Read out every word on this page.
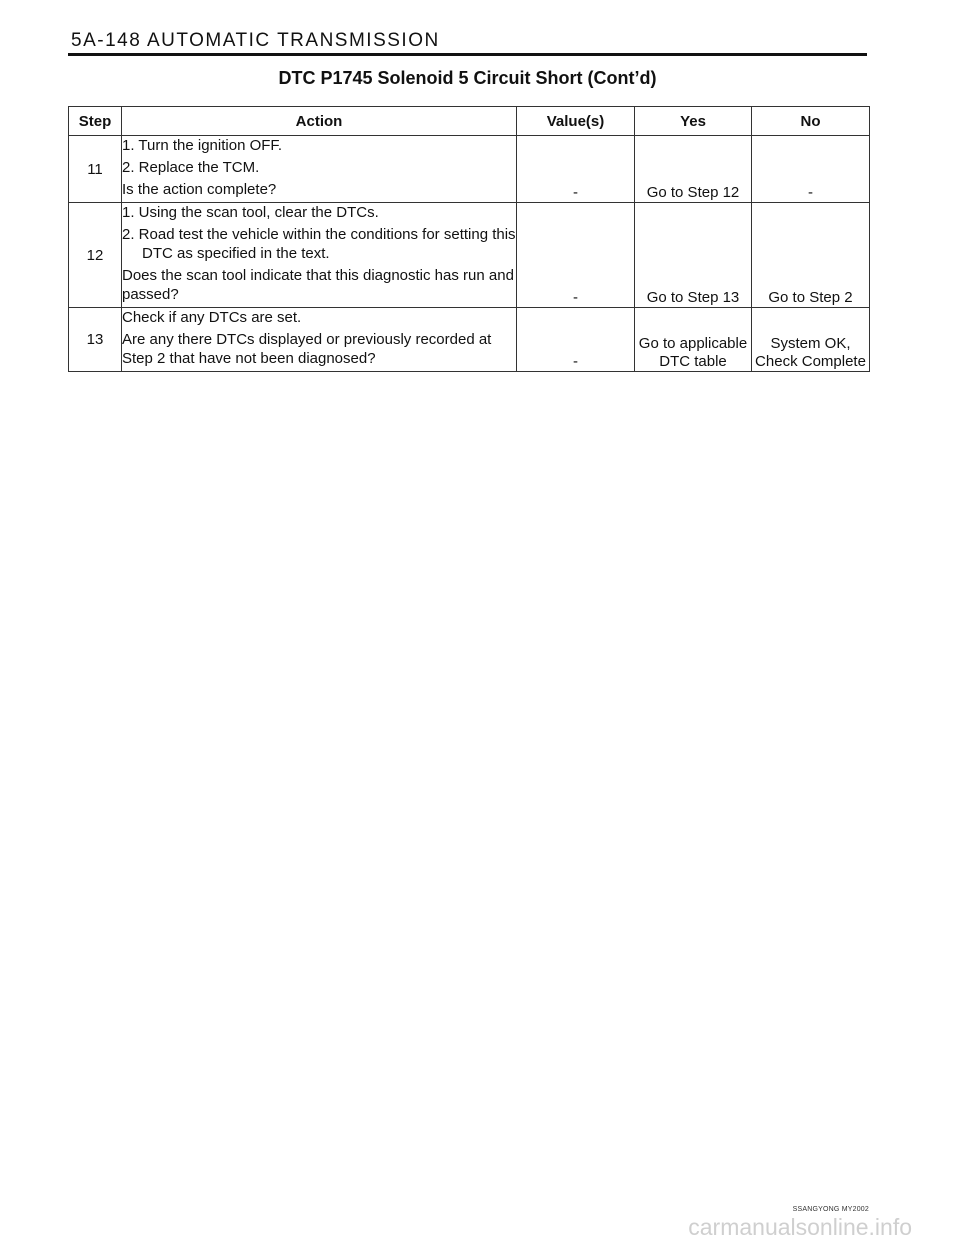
5A-148 AUTOMATIC TRANSMISSION
DTC P1745 Solenoid 5 Circuit Short (Cont’d)
Step	Action	Value(s)	Yes	No
11	1. Turn the ignition OFF.
2. Replace the TCM.
Is the action complete?	-	Go to Step 12	-
12	1. Using the scan tool, clear the DTCs.
2. Road test the vehicle within the conditions for setting this DTC as specified in the text.
Does the scan tool indicate that this diagnostic has run and passed?	-	Go to Step 13	Go to Step 2
13	Check if any DTCs are set.
Are any there DTCs displayed or previously recorded at Step 2 that have not been diagnosed?	-	Go to applicable DTC table	System OK, Check Complete
SSANGYONG MY2002
carmanualsonline.info
